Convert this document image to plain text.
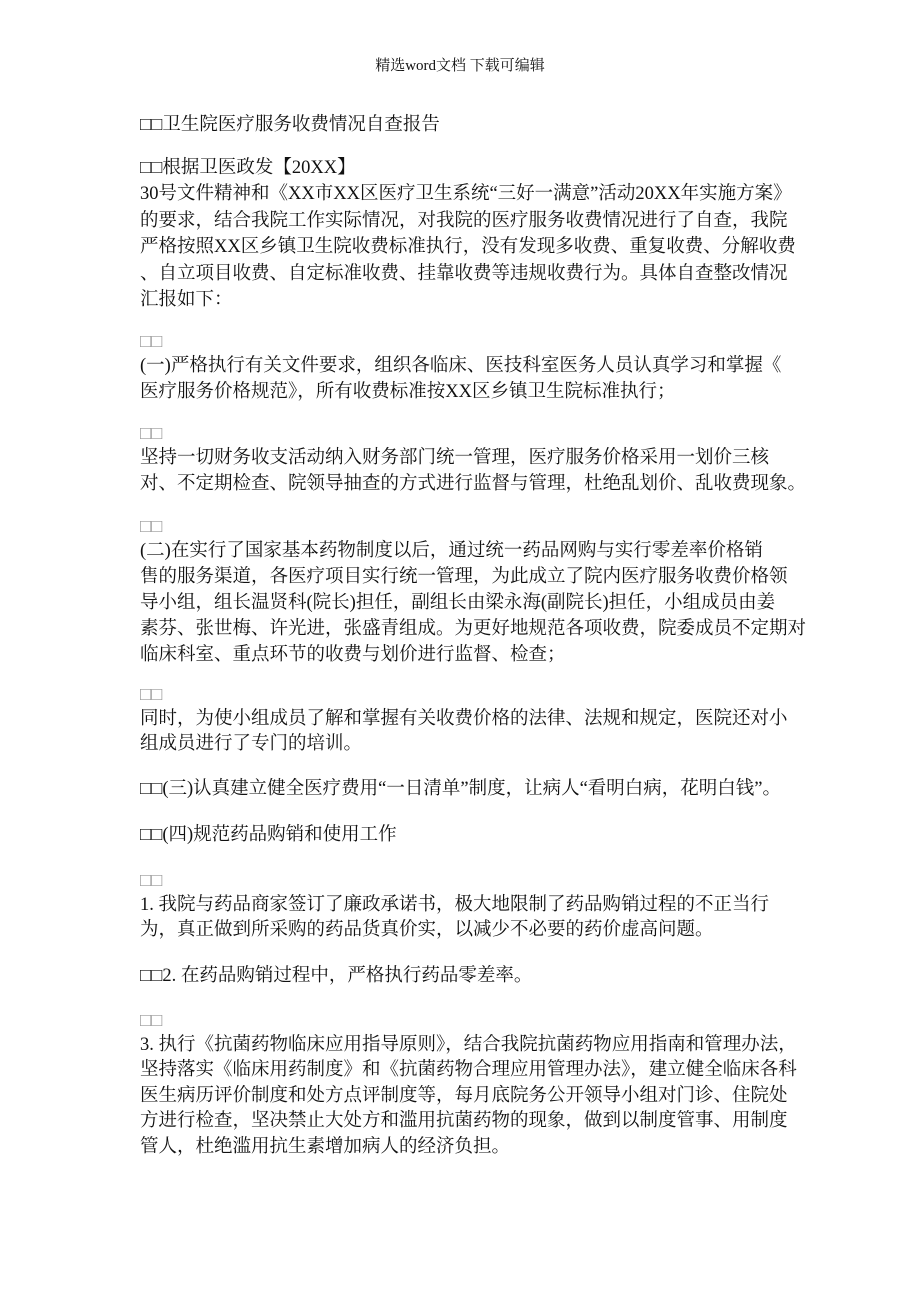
精选word文档 下载可编辑
□□卫生院医疗服务收费情况自查报告
□□根据卫医政发【20XX】
30号文件精神和《XX市XX区医疗卫生系统“三好一满意”活动20XX年实施方案》
的要求，结合我院工作实际情况，对我院的医疗服务收费情况进行了自查，我院
严格按照XX区乡镇卫生院收费标准执行，没有发现多收费、重复收费、分解收费
、自立项目收费、自定标准收费、挂靠收费等违规收费行为。具体自查整改情况
汇报如下：
□□
(一)严格执行有关文件要求，组织各临床、医技科室医务人员认真学习和掌握《
医疗服务价格规范》，所有收费标准按XX区乡镇卫生院标准执行；
□□
坚持一切财务收支活动纳入财务部门统一管理，医疗服务价格采用一划价三核
对、不定期检查、院领导抽查的方式进行监督与管理，杜绝乱划价、乱收费现象。
□□
(二)在实行了国家基本药物制度以后，通过统一药品网购与实行零差率价格销
售的服务渠道，各医疗项目实行统一管理，为此成立了院内医疗服务收费价格领
导小组，组长温贤科(院长)担任，副组长由梁永海(副院长)担任，小组成员由姜
素芬、张世梅、许光进，张盛青组成。为更好地规范各项收费，院委成员不定期对
临床科室、重点环节的收费与划价进行监督、检查；
□□
同时，为使小组成员了解和掌握有关收费价格的法律、法规和规定，医院还对小
组成员进行了专门的培训。
□□(三)认真建立健全医疗费用“一日清单”制度，让病人“看明白病，花明白钱”。
□□(四)规范药品购销和使用工作
□□
1. 我院与药品商家签订了廉政承诺书，极大地限制了药品购销过程的不正当行
为，真正做到所采购的药品货真价实，以减少不必要的药价虚高问题。
□□2. 在药品购销过程中，严格执行药品零差率。
□□
3. 执行《抗菌药物临床应用指导原则》，结合我院抗菌药物应用指南和管理办法，
坚持落实《临床用药制度》和《抗菌药物合理应用管理办法》，建立健全临床各科
医生病历评价制度和处方点评制度等，每月底院务公开领导小组对门诊、住院处
方进行检查，坚决禁止大处方和滥用抗菌药物的现象，做到以制度管事、用制度
管人，杜绝滥用抗生素增加病人的经济负担。
